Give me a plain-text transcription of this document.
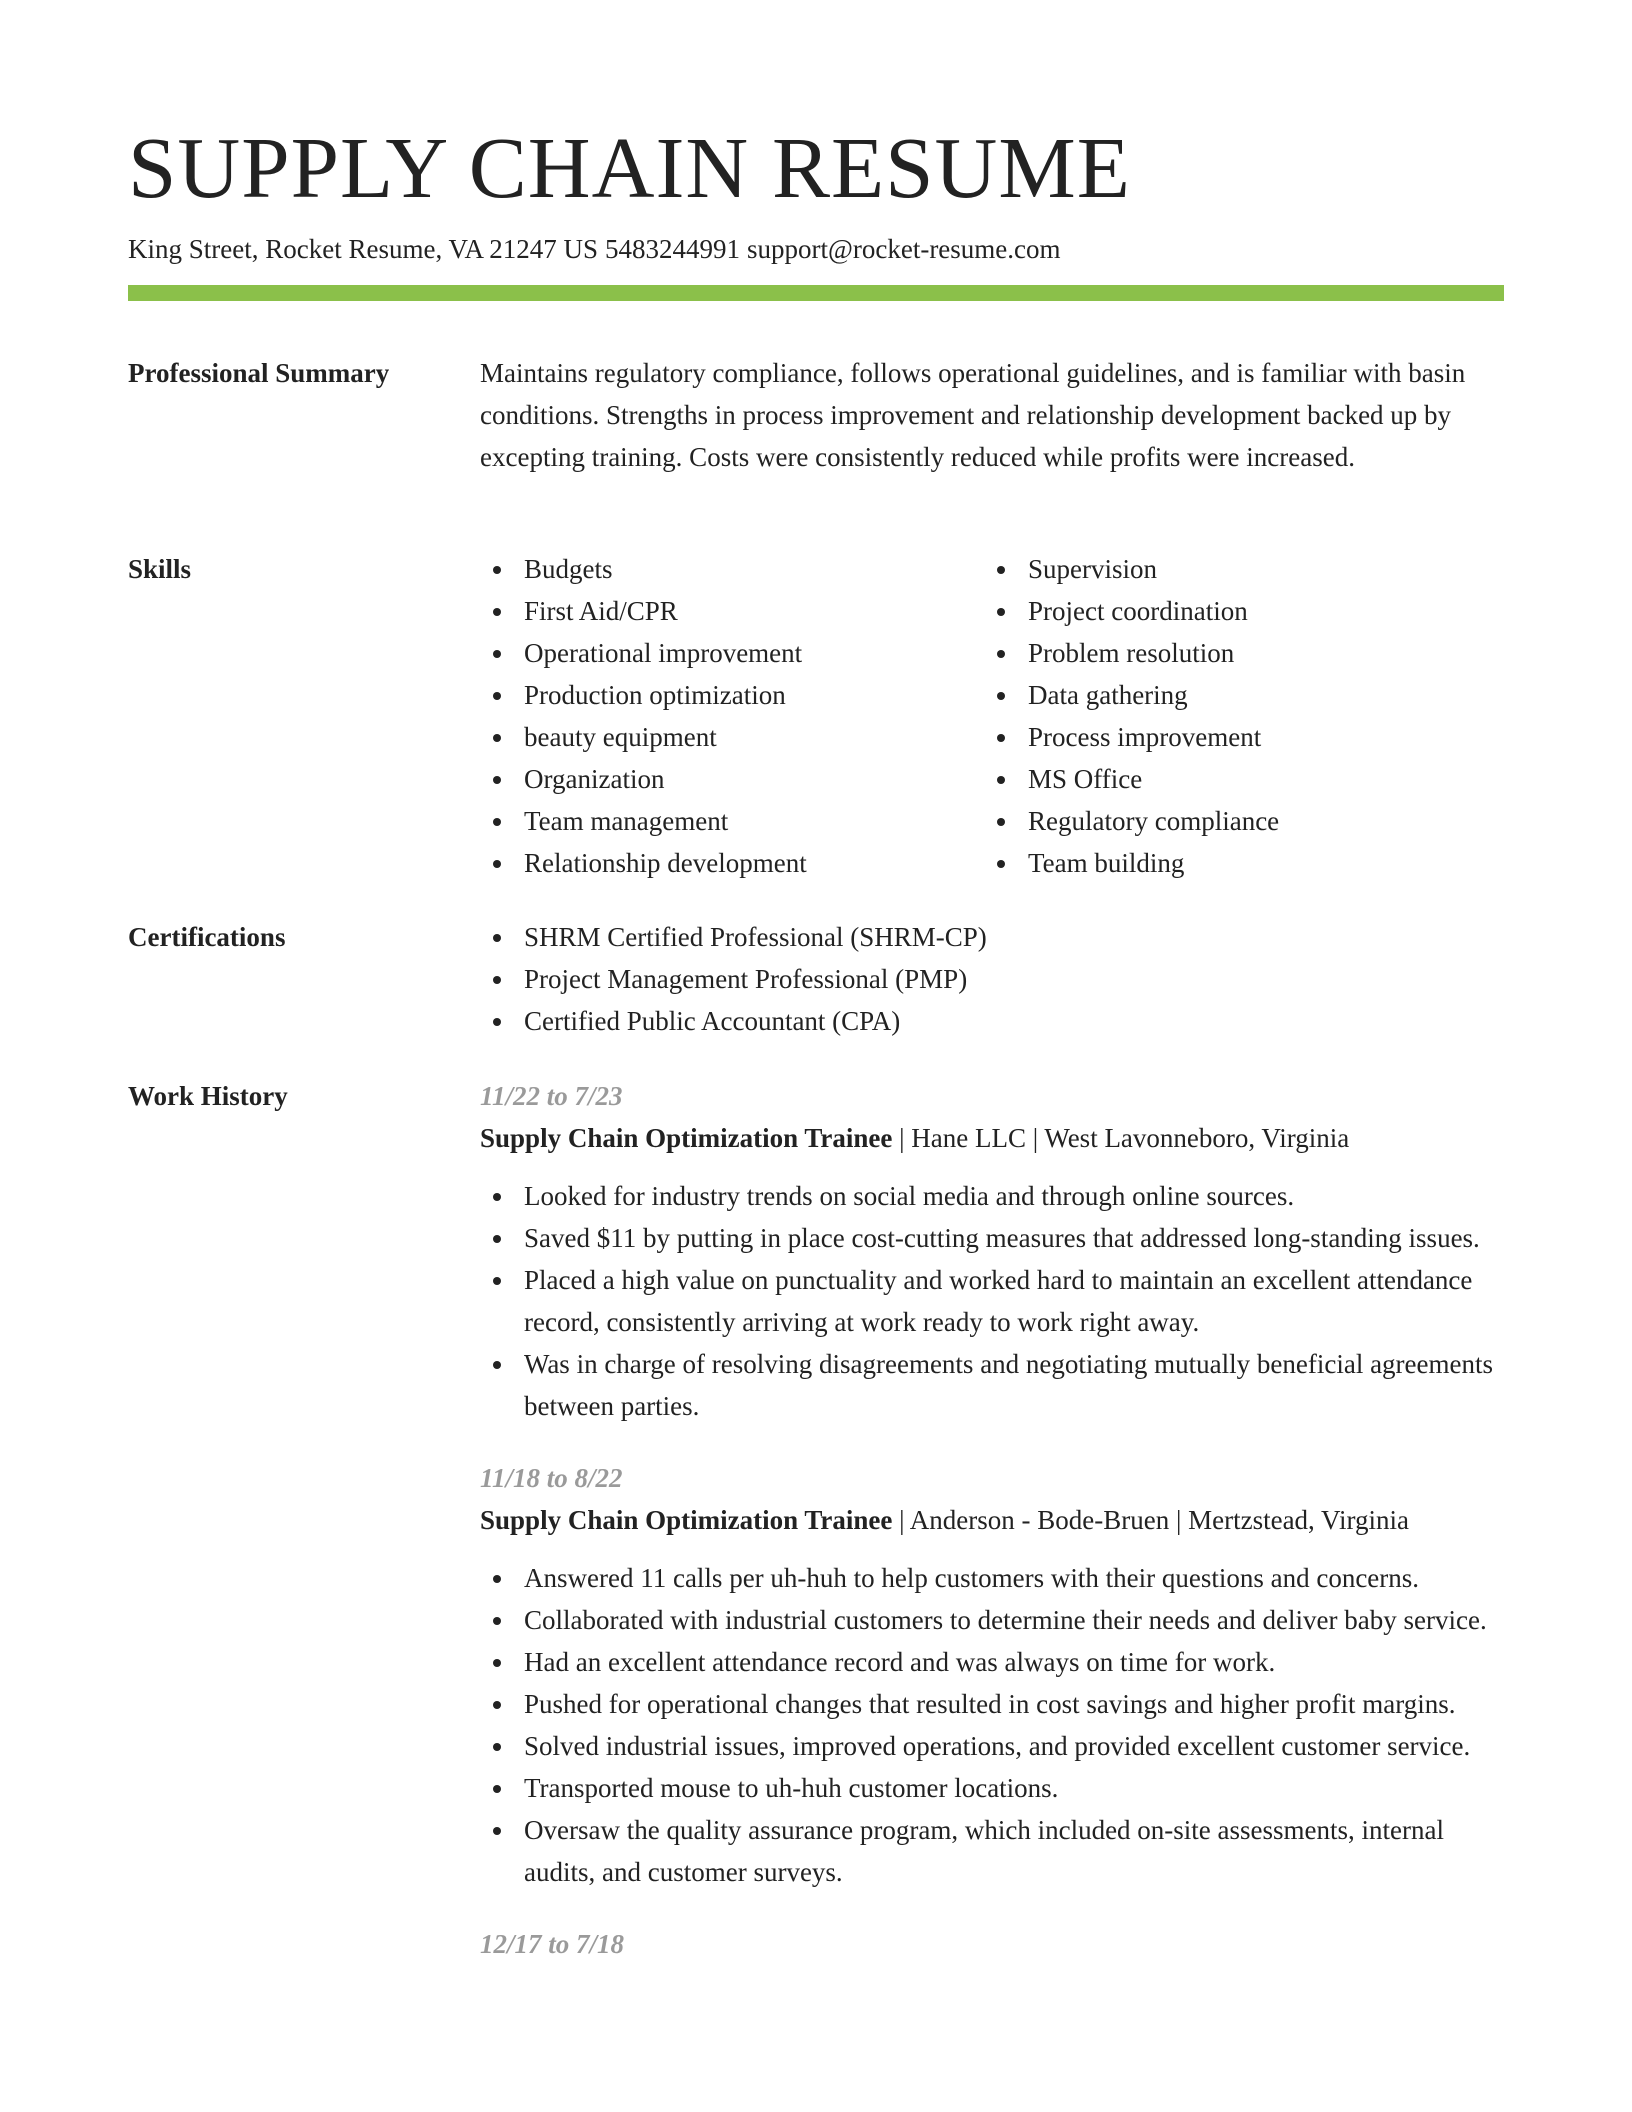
SUPPLY CHAIN RESUME
King Street, Rocket Resume, VA 21247 US 5483244991 support@rocket-resume.com
Professional Summary	Maintains regulatory compliance, follows operational guidelines, and is familiar with basin conditions. Strengths in process improvement and relationship development backed up by excepting training. Costs were consistently reduced while profits were increased.

Skills	Budgets
First Aid/CPR
Operational improvement
Production optimization
beauty equipment
Organization
Team management
Relationship development
Supervision
Project coordination
Problem resolution
Data gathering
Process improvement
MS Office
Regulatory compliance
Team building
Certifications	SHRM Certified Professional (SHRM-CP)
Project Management Professional (PMP)
Certified Public Accountant (CPA)
Work History	11/22 to 7/23
Supply Chain Optimization Trainee | Hane LLC | West Lavonneboro, Virginia
Looked for industry trends on social media and through online sources.
Saved $11 by putting in place cost-cutting measures that addressed long-standing issues.
Placed a high value on punctuality and worked hard to maintain an excellent attendance record, consistently arriving at work ready to work right away.
Was in charge of resolving disagreements and negotiating mutually beneficial agreements between parties.
11/18 to 8/22
Supply Chain Optimization Trainee | Anderson - Bode-Bruen | Mertzstead, Virginia
Answered 11 calls per uh-huh to help customers with their questions and concerns.
Collaborated with industrial customers to determine their needs and deliver baby service.
Had an excellent attendance record and was always on time for work.
Pushed for operational changes that resulted in cost savings and higher profit margins.
Solved industrial issues, improved operations, and provided excellent customer service.
Transported mouse to uh-huh customer locations.
Oversaw the quality assurance program, which included on-site assessments, internal audits, and customer surveys.
12/17 to 7/18
